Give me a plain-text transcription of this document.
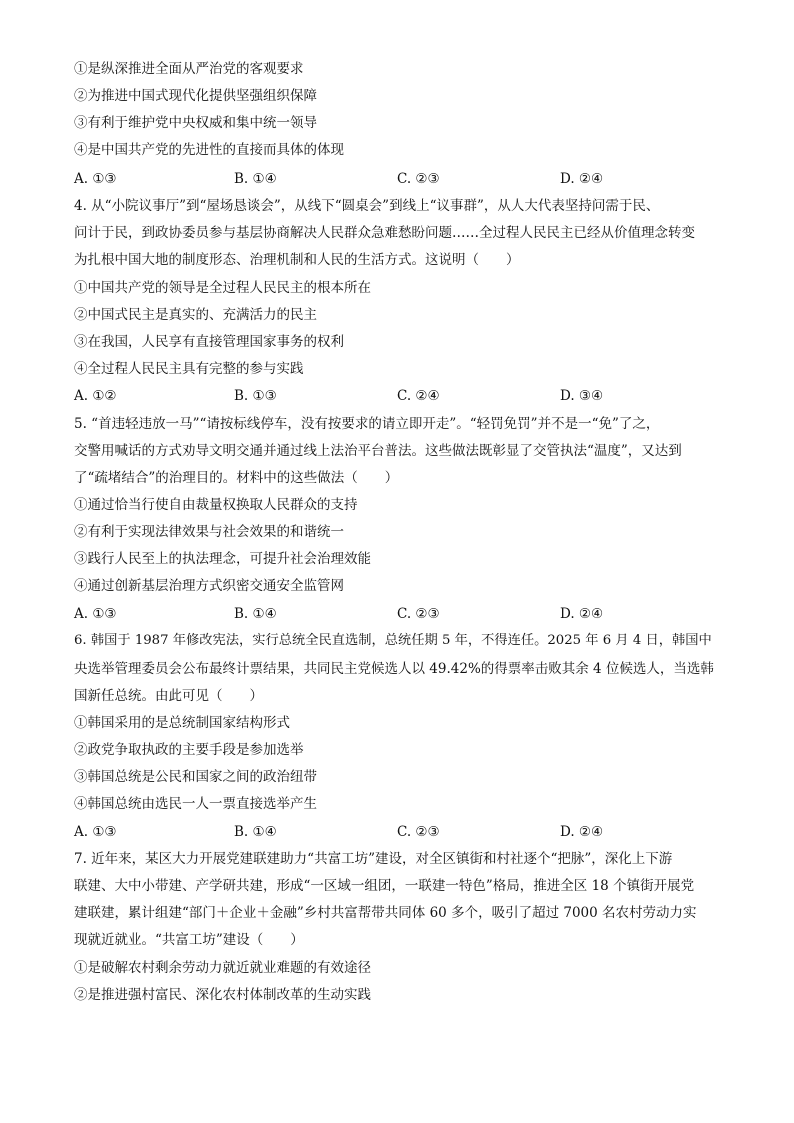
①是纵深推进全面从严治党的客观要求
②为推进中国式现代化提供坚强组织保障
③有利于维护党中央权威和集中统一领导
④是中国共产党的先进性的直接而具体的体现
A. ①③	B. ①④	C. ②③	D. ②④
4. 从“小院议事厅”到“屋场恳谈会”，从线下“圆桌会”到线上“议事群”，从人大代表坚持问需于民、
问计于民，到政协委员参与基层协商解决人民群众急难愁盼问题……全过程人民民主已经从价值理念转变
为扎根中国大地的制度形态、治理机制和人民的生活方式。这说明（　　）
①中国共产党的领导是全过程人民民主的根本所在
②中国式民主是真实的、充满活力的民主
③在我国，人民享有直接管理国家事务的权利
④全过程人民民主具有完整的参与实践
A. ①②	B. ①③	C. ②④	D. ③④
5. “首违轻违放一马”“请按标线停车，没有按要求的请立即开走”。“轻罚免罚”并不是一“免”了之，
交警用喊话的方式劝导文明交通并通过线上法治平台普法。这些做法既彰显了交管执法“温度”，又达到
了“疏堵结合”的治理目的。材料中的这些做法（　　）
①通过恰当行使自由裁量权换取人民群众的支持
②有利于实现法律效果与社会效果的和谐统一
③践行人民至上的执法理念，可提升社会治理效能
④通过创新基层治理方式织密交通安全监管网
A. ①③	B. ①④	C. ②③	D. ②④
6. 韩国于 1987 年修改宪法，实行总统全民直选制，总统任期 5 年，不得连任。2025 年 6 月 4 日，韩国中
央选举管理委员会公布最终计票结果，共同民主党候选人以 49.42%的得票率击败其余 4 位候选人，当选韩
国新任总统。由此可见（　　）
①韩国采用的是总统制国家结构形式
②政党争取执政的主要手段是参加选举
③韩国总统是公民和国家之间的政治纽带
④韩国总统由选民一人一票直接选举产生
A. ①③	B. ①④	C. ②③	D. ②④
7. 近年来，某区大力开展党建联建助力“共富工坊”建设，对全区镇街和村社逐个“把脉”，深化上下游
联建、大中小带建、产学研共建，形成“一区域一组团，一联建一特色”格局，推进全区 18 个镇街开展党
建联建，累计组建“部门＋企业＋金融”乡村共富帮带共同体 60 多个，吸引了超过 7000 名农村劳动力实
现就近就业。“共富工坊”建设（　　）
①是破解农村剩余劳动力就近就业难题的有效途径
②是推进强村富民、深化农村体制改革的生动实践
